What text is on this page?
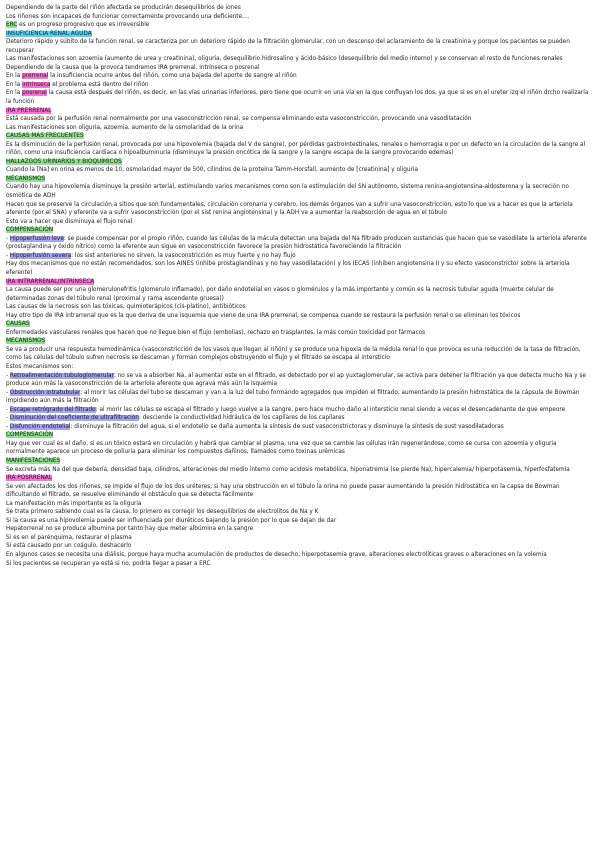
Dependiendo de la parte del riñón afectada se producirán desequilibrios de iones
Los riñones son incapaces de funcionar correctamente provocando una deficiente….
ERC es un progreso progresivo que es irreversible
INSUFICIENCIA RENAL AGUDA
Deterioro rápido y súbito de la función renal, se caracteriza por un deterioro rápido de la filtración glomerular, con un descenso del aclaramiento de la creatinina y porque los pacientes se pueden recuperar
Las manifestaciones son azoemia (aumento de urea y creatinina), oliguria, desequilibrio hidrosalino y ácido-básico (desequilibrio del medio interno) y se conservan el resto de funciones renales
Dependiendo de la causa que la provoca tendremos IRA prerrenal, intrínseca o posrenal
En la prerrenal la insuficiencia ocurre antes del riñón, como una bajada del aporte de sangre al riñón
En la intrínseca el problema está dentro del riñón
En la posrenal la causa está después del riñón, es decir, en las vías urinarias inferiores, pero tiene que ocurrir en una vía en la que confluyan los dos, ya que si es en el ureter izq el riñón drcho realizaría la función
IRA PRERRENAL
Está causada por la perfusión renal normalmente por una vasoconstricción renal, se compensa eliminando esta vasoconstricción, provocando una vasodilatación
Las manifestaciones son oliguria, azoemia, aumento de la osmolaridad de la orina
CAUSAS MÁS FRECUENTES
Es la disminución de la perfusión renal, provocada por una hipovolemia (bajada del V de sangre), por pérdidas gastrointestinales, renales o hemorragia o por un defecto en la circulación de la sangre al riñón, como una insuficiencia cardiaca o hipoalbuminuria (disminuye la presión oncótica de la sangre y la sangre escapa de la sangre provocando edemas)
HALLAZGOS URINARIOS Y BIOQUÍMICOS
Cuando la [Na] en orina es menos de 10, osmolaridad mayor de 500, cilindros de la proteína Tamm-Horsfall, aumento de [creatinina] y oliguria
MECANISMOS
Cuando hay una hipovolemia disminuye la presión arterial, estimulando varios mecanismos como son la estimulación del SN autónomo, sistema renina-angiotensina-aldosterona y la secreción no osmótica de ADH
Hacen que se preserve la circulación a sitios que son fundamentales, circulación coronaria y cerebro, los demás órganos van a sufrir una vasoconstricción, esto lo que va a hacer es que la arteriola aferente (por el SNA) y eferente va a sufrir vasoconstricción (por el sist renina angiotensina) y la ADH va a aumentar la reabsorción de agua en el túbulo
Esto va a hacer que disminuya el flujo renal
COMPENSACIÓN
- Hipoperfusión leve: se puede compensar por el propio riñón, cuando las células de la mácula detectan una bajada del Na filtrado producen sustancias que hacen que se vasodilate la arteriola aferente (prostaglandina y óxido nítrico) como la eferente aun sigue en vasoconstricción favorece la presión hidrostática favoreciendo la filtración
- Hipoperfusión severa: los sist anteriores no sirven, la vasoconstricción es muy fuerte y no hay flujo
Hay dos mecanismos que no están recomendados, son los AINES (inhibe prostaglandinas y no hay vasodilatación) y los IECAS (inhiben angiotensina II y su efecto vasoconstrictor sobre la arteriola eferente)
IRA INTRARRENAL/INTRÍNSECA
La causa puede ser por una glomerulonefritis (glomerulo inflamado), por daño endotelial en vasos o glomérulos y la más importante y común es la necrosis tubular aguda (muerte celular de determinadas zonas del túbulo renal (proximal y rama ascendente gruesa))
Las causas de la necrosis son las tóxicas, quimioterápicos (cis-platino), antibióticos
Hay otro tipo de IRA intrarrenal que es la que deriva de una isquemia que viene de una IRA prerrenal, se compensa cuando se restaura la perfusión renal o se eliminan los tóxicos
CAUSAS
Enfermedades vasculares renales que hacen que no llegue bien el flujo (embolias), rechazo en trasplantes, la más común toxicidad por fármacos
MECANISMOS
Se va a producir una respuesta hemodinámica (vasoconstricción de los vasos que llegan al riñón) y se produce una hipoxia de la médula renal lo que provoca es una reducción de la tasa de filtración, como las células del túbulo sufren necrosis se descaman y forman complejos obstruyendo el flujo y el filtrado se escapa al intersticio
Estos mecanismos son:
- Retroalimentación tubuloglomerular: no se va a absorber Na, al aumentar este en el filtrado, es detectado por el ap yuxtaglomerular, se activa para detener la filtración ya que detecta mucho Na y se produce aún más la vasoconstricción de la arteriola aferente que agrava más aún la isquemia
- Obstrucción intratubular: al morir las células del tubo se descaman y van a la luz del tubo formando agregados que impiden el filtrado, aumentando la presión hidrostática de la cápsula de Bowman impidiendo aún más la filtración
- Escape retrógrado del filtrado: al morir las células se escapa el filtrado y luego vuelve a la sangre, pero hace mucho daño al intersticio renal siendo a veces el desencadenante de que empeore
- Disminución del coeficiente de ultrafiltración: desciende la conductividad hidráulica de los capilares de los capilares
- Disfunción endotelial: disminuye la filtración del agua, si el endotelio se daña aumenta la síntesis de sust vasoconstrictoras y disminuye la síntesis de sust vasodilatadoras
COMPENSACIÓN
Hay que ver cual es el daño, si es un tóxico estará en circulación y habrá que cambiar el plasma, una vez que se cambie las células irán regenerándose, como se cursa con azoemia y oliguria normalmente aparece un proceso de poliuria para eliminar los compuestos dañinos, llamados como toxinas urémicas
MANIFESTACIONES
Se excreta más Na del que debería, densidad baja, cilindros, alteraciones del medio interno como acidosis metabólica, hiponatremia (se pierde Na), hipercalemia/ hiperpotasemia, hiperfosfatemia
IRA POSRRENAL
Se ven afectados los dos riñones, se impide el flujo de los dos uréteres, si hay una obstrucción en el túbulo la orina no puede pasar aumentando la presión hidrostática en la capsa de Bowman dificultando el filtrado, se resuelve eliminando el obstáculo que se detecta fácilmente
La manifestación más importante es la oliguria
Se trata primero sabiendo cual es la causa, lo primero es corregir los desequilibrios de electrolitos de Na y K
Si la causa es una hipovolemia puede ser influenciada por diuréticos bajando la presión por lo que se dejan de dar
Hepatorrenal no se produce albumina por tanto hay que meter albúmina en la sangre
Si es en el parénquima, restaurar el plasma
Si está causado por un coágulo, deshacerlo
En algunos casos se necesita una diálisis, porque haya mucha acumulación de productos de desecho, hiperpotasemia grave, alteraciones electrolíticas graves o alteraciones en la volemia
Si los pacientes se recuperan ya está si no, podría llegar a pasar a ERC
